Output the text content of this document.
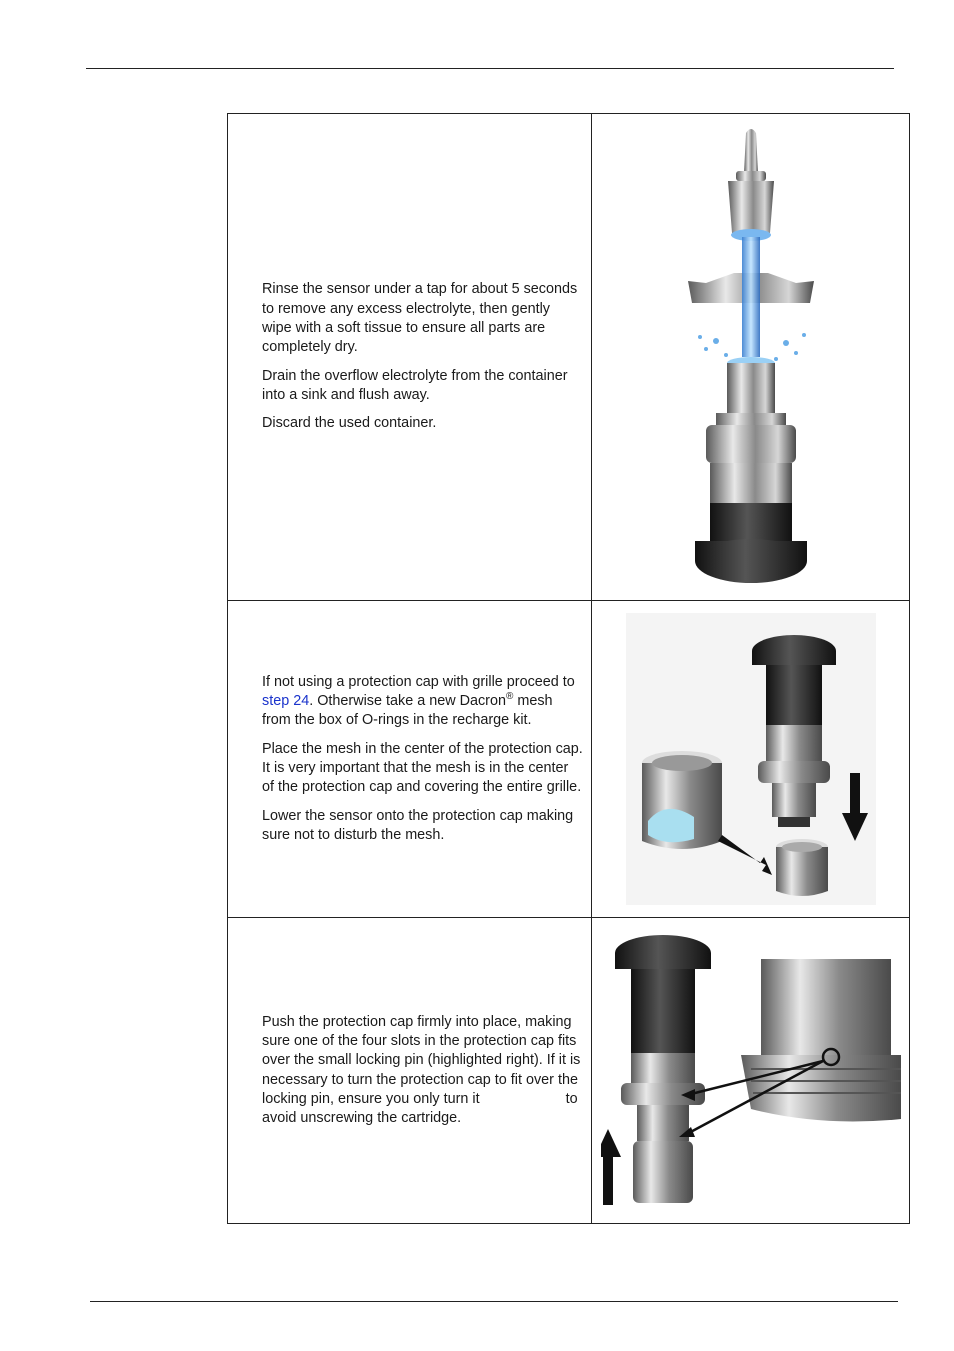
Rinse the sensor under a tap for about 5 seconds to remove any excess electrolyte, then gently wipe with a soft tissue to ensure all parts are completely dry.

Drain the overflow electrolyte from the container into a sink and flush away.

Discard the used container.

If not using a protection cap with grille proceed to step 24. Otherwise take a new Dacron® mesh from the box of O-rings in the recharge kit.

Place the mesh in the center of the protection cap. It is very important that the mesh is in the center of the protection cap and covering the entire grille.

Lower the sensor onto the protection cap making sure not to disturb the mesh.

Push the protection cap firmly into place, making sure one of the four slots in the protection cap fits over the small locking pin (highlighted right). If it is necessary to turn the protection cap to fit over the locking pin, ensure you only turn it to avoid unscrewing the cartridge.
